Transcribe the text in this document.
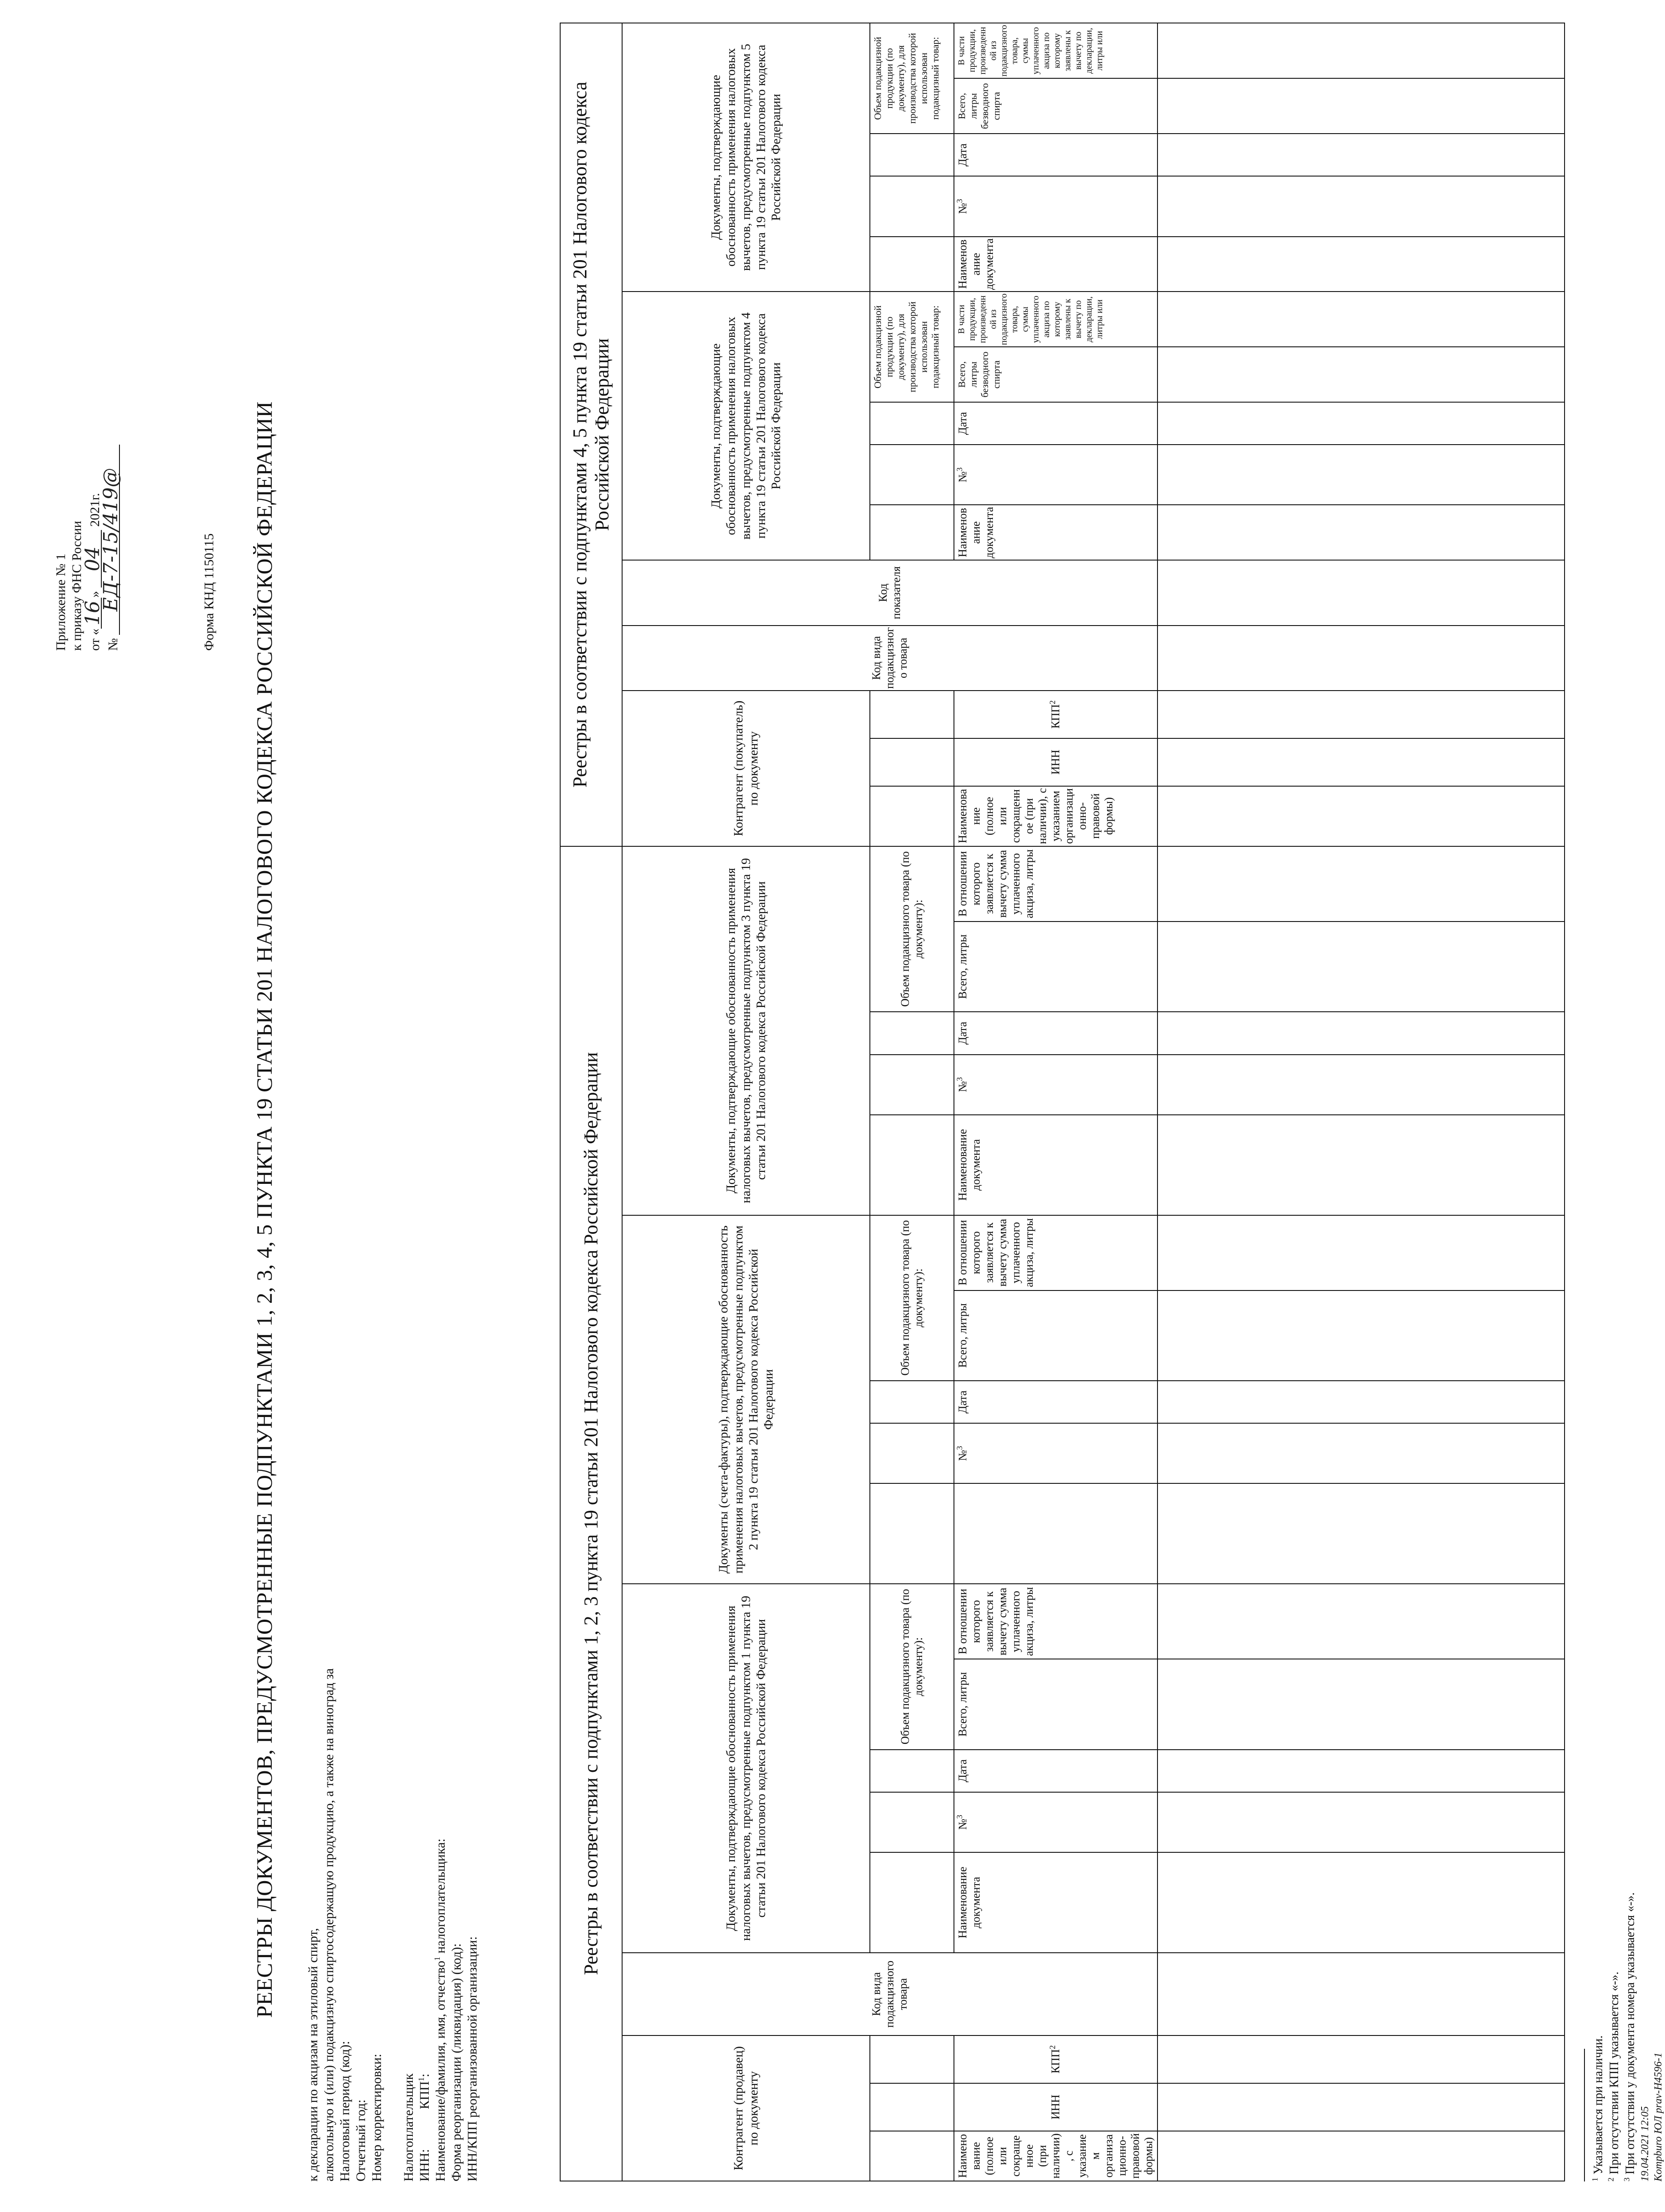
Приложение № 1 к приказу ФНС России от «16» 04 2021г.
№ ЕД-7-15/419@	Форма КНД 1150115 РЕЕСТРЫ ДОКУМЕНТОВ, ПРЕДУСМОТРЕННЫЕ ПОДПУНКТАМИ 1, 2, 3, 4, 5 ПУНКТА 19 СТАТЬИ 201 НАЛОГОВОГО КОДЕКСА РОССИЙСКОЙ ФЕДЕРАЦИИ
к декларации по акцизам на этиловый спирт, алкогольную и (или) подакцизную спиртосодержащую продукцию, а также на виноград за Налоговый период (код): Отчетный год: Номер корректировки: Налогоплательщик ИНН:КПП$^1$: Наименование/фамилия, имя, отчество$^1$ налогоплательщика:
Форма реорганизации (ликвидация) (код): ИНН/КПП реорганизованной организации:
Реестры в соответствии с подпунктами 1, 2, 3 пункта 19 статьи 201 Налогового кодекса Российской Федерации																			Реестры в соответствии с подпунктами 4, 5 пункта 19 статьи 201 Налогового кодекса Российской Федерации														
Контрагент (продавец) по документу			Код вида подакцизного товара	Документы, подтверждающие обоснованность применения налоговых вычетов, предусмотренные подпунктом 1 пункта 19 статьи 201 Налогового кодекса Российской Федерации					Документы (счета-фактуры), подтверждающие обоснованность применения налоговых вычетов, предусмотренные подпунктом 2 пункта 19 статьи 201 Налогового кодекса Российской Федерации					Документы, подтверждающие обоснованность применения налоговых вычетов, предусмотренные подпунктом 3 пункта 19 статьи 201 Налогового кодекса Российской Федерации					Контрагент (покупатель) по документу			Код вида подакцизного товара	Код показателя	Документы, подтверждающие обоснованность применения налоговых вычетов, предусмотренные подпунктом 4 пункта 19 статьи 201 Налогового кодекса Российской Федерации					Документы, подтверждающие обоснованность применения налоговых вычетов, предусмотренные подпунктом 5 пункта 19 статьи 201 Налогового кодекса Российской Федерации				
							Объем подакцизного товара (по документу):					Объем подакцизного товара (по документу):					Объем подакцизного товара (по документу):										Объем подакцизной продукции (по документу), для производства которой использован подакцизный товар:					Объем подакцизной продукции (по документу), для производства которой использован подакцизный товар:	
Наименование (полное или сокращенное (при наличии), с указанием организационно-правовой формы)	ИНН	КПП$^2$		Наименование документа	№$^3$	Дата	Всего, литры	В отношении которого заявляется к вычету сумма уплаченного акциза, литры		№$^3$	Дата	Всего, литры	В отношении которого заявляется к вычету сумма уплаченного акциза, литры	Наименование документа	№$^3$	Дата	Всего, литры	В отношении которого заявляется к вычету сумма уплаченного акциза, литры	Наименование (полное или сокращенное (при наличии), с указанием организационно-правовой формы)	ИНН	КПП$^2$			Наименование документа	№$^3$	Дата	Всего, литры безводного спирта	В части продукции, произведенной из подакцизного товара, суммы уплаченного акциза по которому заявлены к вычету по декларации, литры или	Наименование документа	№$^3$	Дата	Всего, литры безводного спирта	В части продукции, произведенной из подакцизного товара, суммы уплаченного акциза по которому заявлены к вычету по декларации, литры или

$^1$ Указывается при наличии.
$^2$ При отсутствии КПП указывается «-».
$^3$ При отсутствии у документа номера указывается «-». 19.04.2021 12:05 Kompburo ЮЛ prav-H4596-1
